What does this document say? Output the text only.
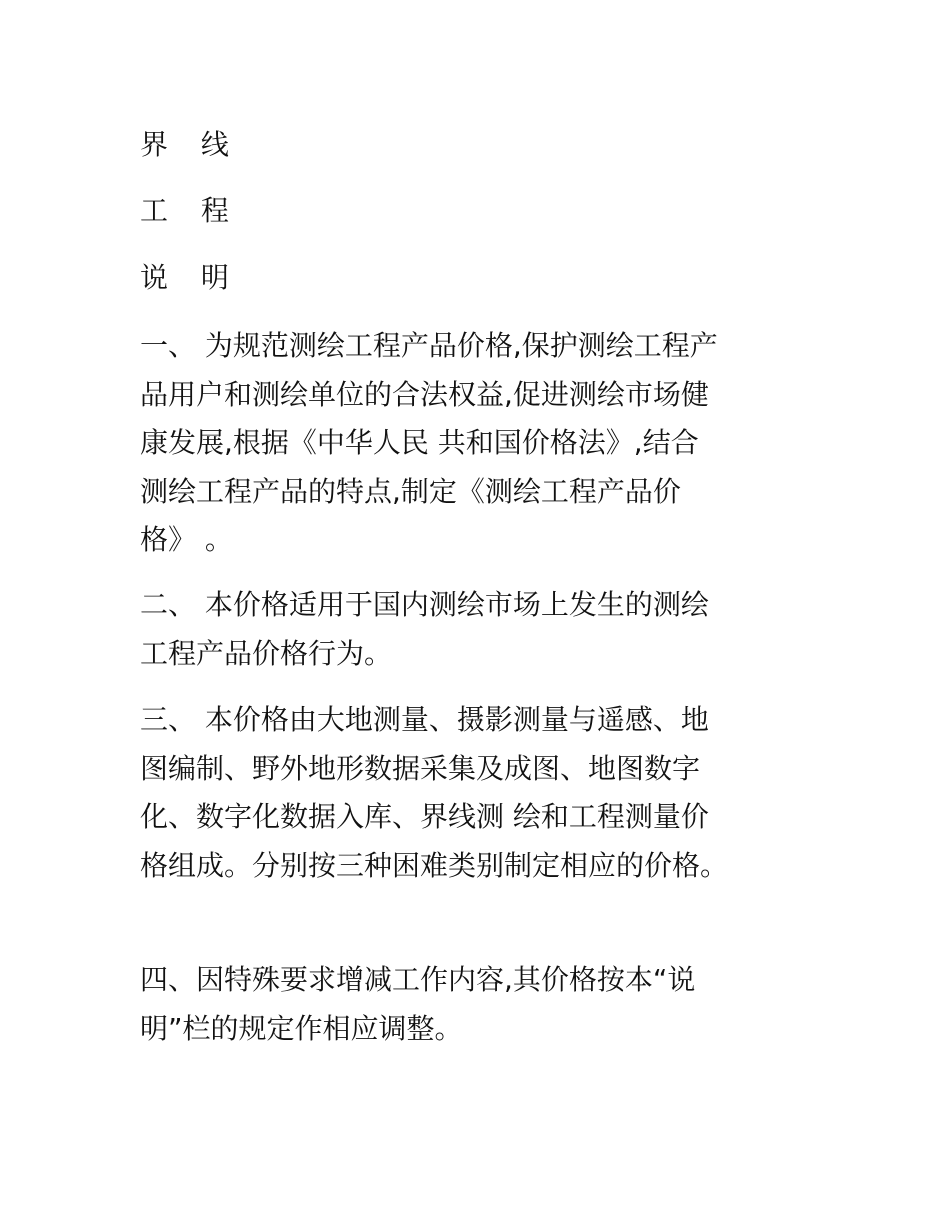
界 线
工 程
说 明
一、 为规范测绘工程产品价格,保护测绘工程产
品用户和测绘单位的合法权益,促进测绘市场健
康发展,根据《中华人民 共和国价格法》,结合
测绘工程产品的特点,制定《测绘工程产品价
格》 。
二、 本价格适用于国内测绘市场上发生的测绘
工程产品价格行为。
三、 本价格由大地测量、摄影测量与遥感、地
图编制、野外地形数据采集及成图、地图数字
化、数字化数据入库、界线测 绘和工程测量价
格组成。分别按三种困难类别制定相应的价格。
四、因特殊要求增减工作内容,其价格按本“说
明”栏的规定作相应调整。
